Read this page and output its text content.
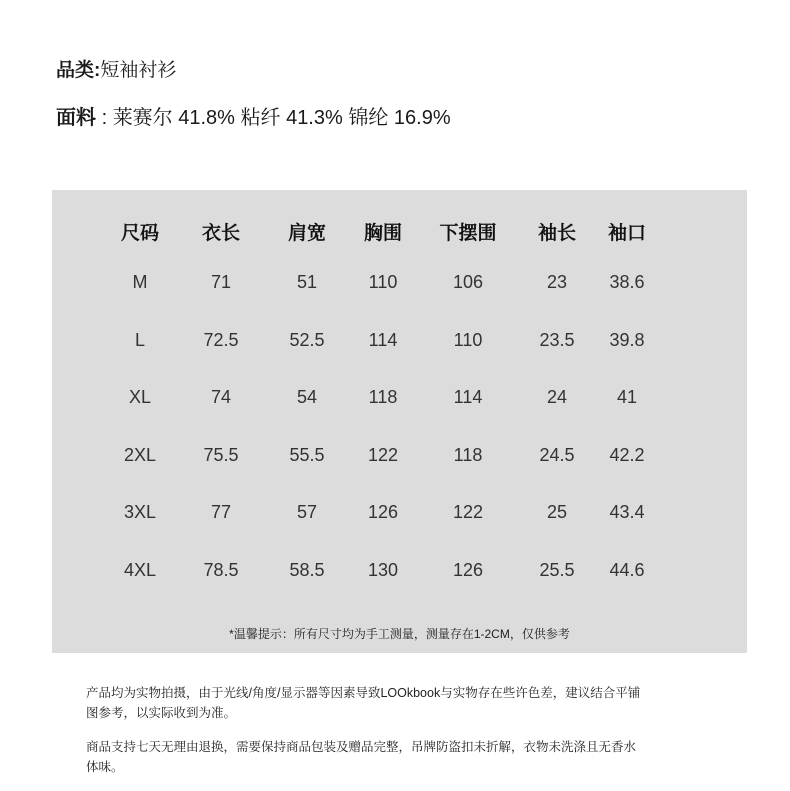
品类:短袖衬衫
面料 : 莱赛尔 41.8% 粘纤 41.3% 锦纶 16.9%
尺码 衣长	肩宽 胸围 下摆围 袖长 袖口
M	71	51	110	106	23 38.6
L	72.5	52.5 114	110	23.5 39.8
XL	74	54	118	114	24	41
2XL	75.5	55.5 122	118	24.5 42.2
3XL	77	57	126	122	25 43.4
4XL	78.5	58.5 130	126	25.5 44.6
*温馨提示：所有尺寸均为手工测量，测量存在1-2CM，仅供参考
产品均为实物拍摄，由于光线/角度/显示器等因素导致LOOkbook与实物存在些许色差，建议结合平铺图参考，以实际收到为准。
商品支持七天无理由退换，需要保持商品包装及赠品完整，吊牌防盗扣未折解，衣物未洗涤且无香水体味。
